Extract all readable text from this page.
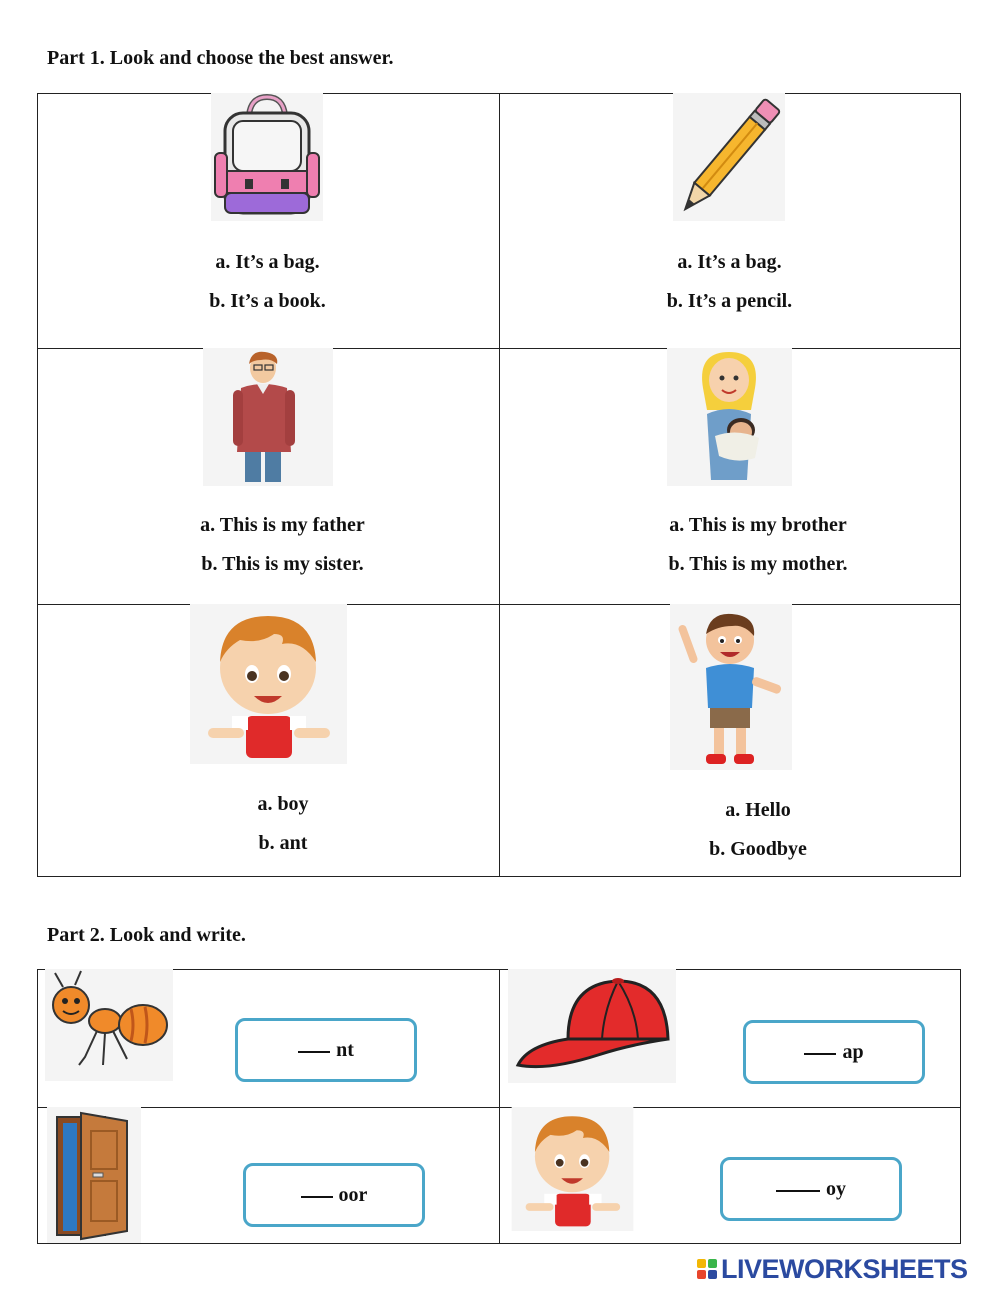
Part 1. Look and choose the best answer.
a. It’s a bag.
b. It’s a book.
a. It’s a bag.
b. It’s a pencil.
a. This is my father
b. This is my sister.
a. This is my brother
b. This is my mother.
a. boy
b. ant
a. Hello
b. Goodbye
Part 2. Look and write.
nt	ap
oor	oy
LIVEWORKSHEETS
